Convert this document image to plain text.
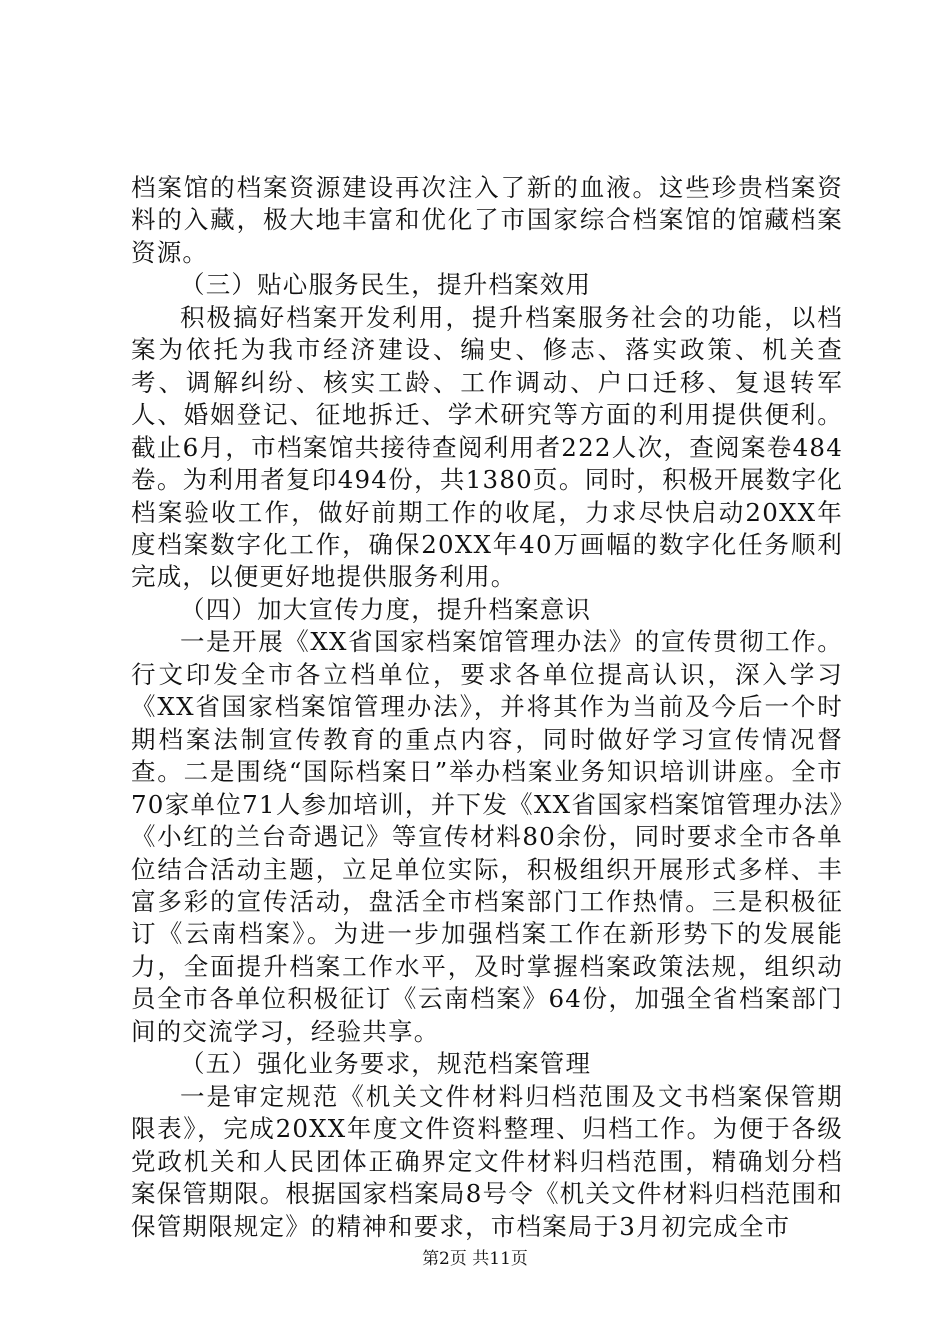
档案馆的档案资源建设再次注入了新的血液。这些珍贵档案资料的入藏，极大地丰富和优化了市国家综合档案馆的馆藏档案资源。

（三）贴心服务民生，提升档案效用

积极搞好档案开发利用，提升档案服务社会的功能，以档案为依托为我市经济建设、编史、修志、落实政策、机关查考、调解纠纷、核实工龄、工作调动、户口迁移、复退转军人、婚姻登记、征地拆迁、学术研究等方面的利用提供便利。截止6月，市档案馆共接待查阅利用者222人次，查阅案卷484卷。为利用者复印494份，共1380页。同时，积极开展数字化档案验收工作，做好前期工作的收尾，力求尽快启动20XX年度档案数字化工作，确保20XX年40万画幅的数字化任务顺利完成，以便更好地提供服务利用。

（四）加大宣传力度，提升档案意识

一是开展《XX省国家档案馆管理办法》的宣传贯彻工作。行文印发全市各立档单位，要求各单位提高认识，深入学习《XX省国家档案馆管理办法》，并将其作为当前及今后一个时期档案法制宣传教育的重点内容，同时做好学习宣传情况督查。二是围绕“国际档案日”举办档案业务知识培训讲座。全市70家单位71人参加培训，并下发《XX省国家档案馆管理办法》《小红的兰台奇遇记》等宣传材料80余份，同时要求全市各单位结合活动主题，立足单位实际，积极组织开展形式多样、丰富多彩的宣传活动，盘活全市档案部门工作热情。三是积极征订《云南档案》。为进一步加强档案工作在新形势下的发展能力，全面提升档案工作水平，及时掌握档案政策法规，组织动员全市各单位积极征订《云南档案》64份，加强全省档案部门间的交流学习，经验共享。

（五）强化业务要求，规范档案管理

一是审定规范《机关文件材料归档范围及文书档案保管期限表》，完成20XX年度文件资料整理、归档工作。为便于各级党政机关和人民团体正确界定文件材料归档范围，精确划分档案保管期限。根据国家档案局8号令《机关文件材料归档范围和保管期限规定》的精神和要求，市档案局于3月初完成全市

第2页 共11页
